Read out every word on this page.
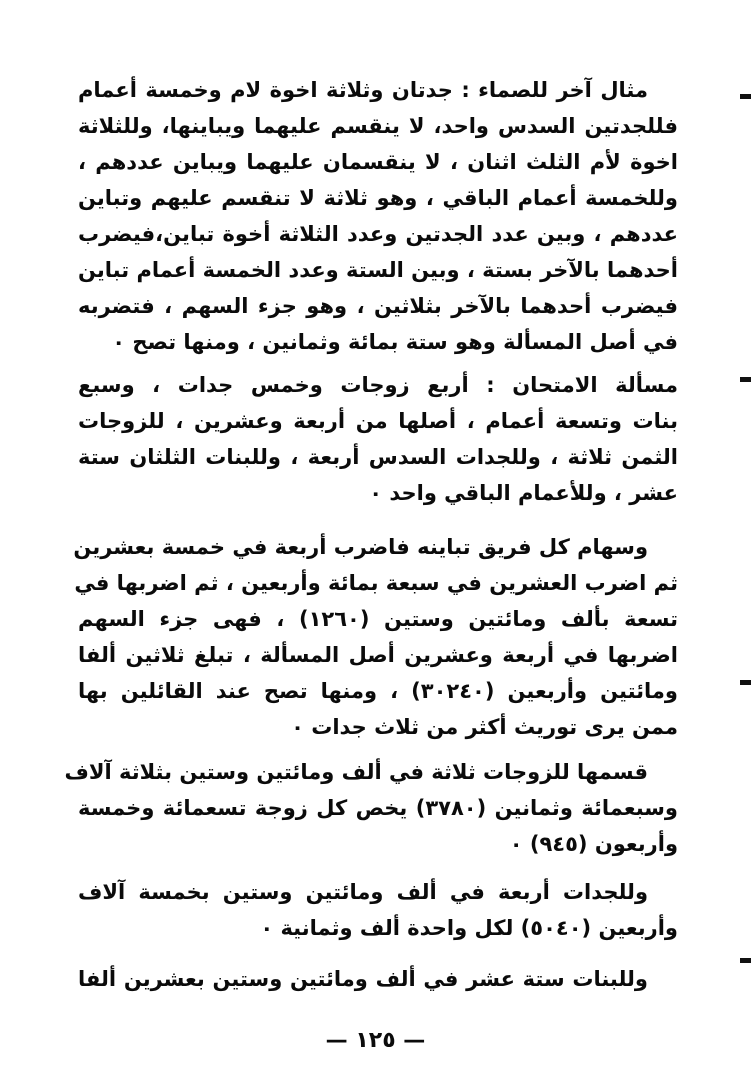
مثال آخر للصماء : جدتان وثلاثة اخوة لام وخمسة أعمام
فللجدتين السدس واحد، لا ينقسم عليهما ويباينها، وللثلاثة
اخوة لأم الثلث اثنان ، لا ينقسمان عليهما ويباين عددهم ،
وللخمسة أعمام الباقي ، وهو ثلاثة لا تنقسم عليهم وتباين
عددهم ، وبين عدد الجدتين وعدد الثلاثة أخوة تباين،فيضرب
أحدهما بالآخر بستة ، وبين الستة وعدد الخمسة أعمام تباين
فيضرب أحدهما بالآخر بثلاثين ، وهو جزء السهم ، فتضربه
في أصل المسألة وهو ستة بمائة وثمانين ، ومنها تصح ٠
مسألة الامتحان : أربع زوجات وخمس جدات ، وسبع
بنات وتسعة أعمام ، أصلها من أربعة وعشرين ، للزوجات
الثمن ثلاثة ، وللجدات السدس أربعة ، وللبنات الثلثان ستة
عشر ، وللأعمام الباقي واحد ٠
وسهام كل فريق تباينه فاضرب أربعة في خمسة بعشرين
ثم اضرب العشرين في سبعة بمائة وأربعين ، ثم اضربها في
تسعة بألف ومائتين وستين (١٢٦٠) ، فهى جزء السهم
اضربها في أربعة وعشرين أصل المسألة ، تبلغ ثلاثين ألفا
ومائتين وأربعين (٣٠٢٤٠) ، ومنها تصح عند القائلين بها
ممن يرى توريث أكثر من ثلاث جدات ٠
قسمها للزوجات ثلاثة في ألف ومائتين وستين بثلاثة آلاف
وسبعمائة وثمانين (٣٧٨٠) يخص كل زوجة تسعمائة وخمسة
وأربعون (٩٤٥) ٠
وللجدات أربعة في ألف ومائتين وستين بخمسة آلاف
وأربعين (٥٠٤٠) لكل واحدة ألف وثمانية ٠
وللبنات ستة عشر في ألف ومائتين وستين بعشرين ألفا
— ١٢٥ —
